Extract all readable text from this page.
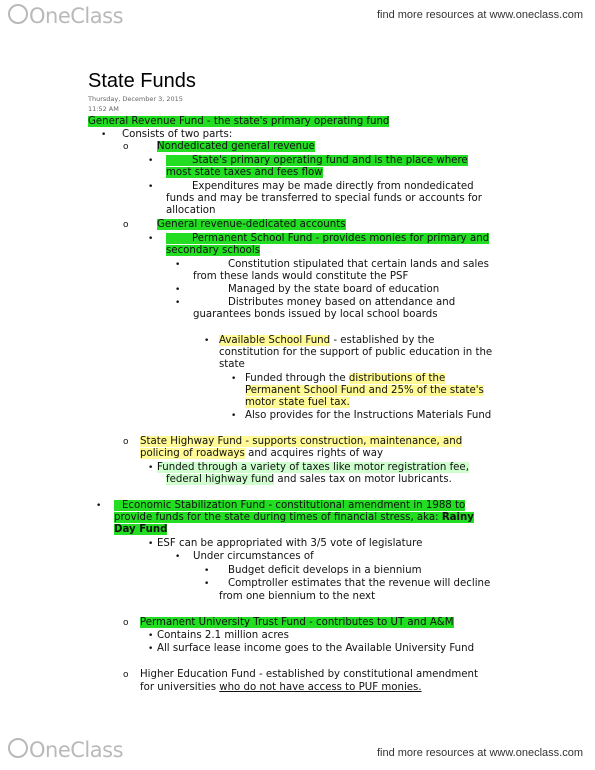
OneClass	find more resources at www.oneclass.com
State Funds
Thursday, December 3, 2015
11:52 AM
General Revenue Fund - the state's primary operating fund
• Consists of two parts:
o	Nondedicated general revenue
•	State's primary operating fund and is the place where
most state taxes and fees flow
•	Expenditures may be made directly from nondedicated
funds and may be transferred to special funds or accounts for
allocation
o	General revenue-dedicated accounts
•	Permanent School Fund - provides monies for primary and
secondary schools
•	Constitution stipulated that certain lands and sales
from these lands would constitute the PSF
•	Managed by the state board of education
•	Distributes money based on attendance and
guarantees bonds issued by local school boards
• Available School Fund - established by the
constitution for the support of public education in the
state
• Funded through the distributions of the
Permanent School Fund and 25% of the state's
motor state fuel tax.
• Also provides for the Instructions Materials Fund
o State Highway Fund - supports construction, maintenance, and
policing of roadways and acquires rights of way
• Funded through a variety of taxes like motor registration fee,
federal highway fund and sales tax on motor lubricants.
•	Economic Stabilization Fund - constitutional amendment in 1988 to
provide funds for the state during times of financial stress, aka: Rainy
Day Fund
• ESF can be appropriated with 3/5 vote of legislature
• Under circumstances of
• Budget deficit develops in a biennium
• Comptroller estimates that the revenue will decline
from one biennium to the next
o Permanent University Trust Fund - contributes to UT and A&M
• Contains 2.1 million acres
• All surface lease income goes to the Available University Fund
o Higher Education Fund - established by constitutional amendment
for universities who do not have access to PUF monies.
OneClass	find more resources at www.oneclass.com
